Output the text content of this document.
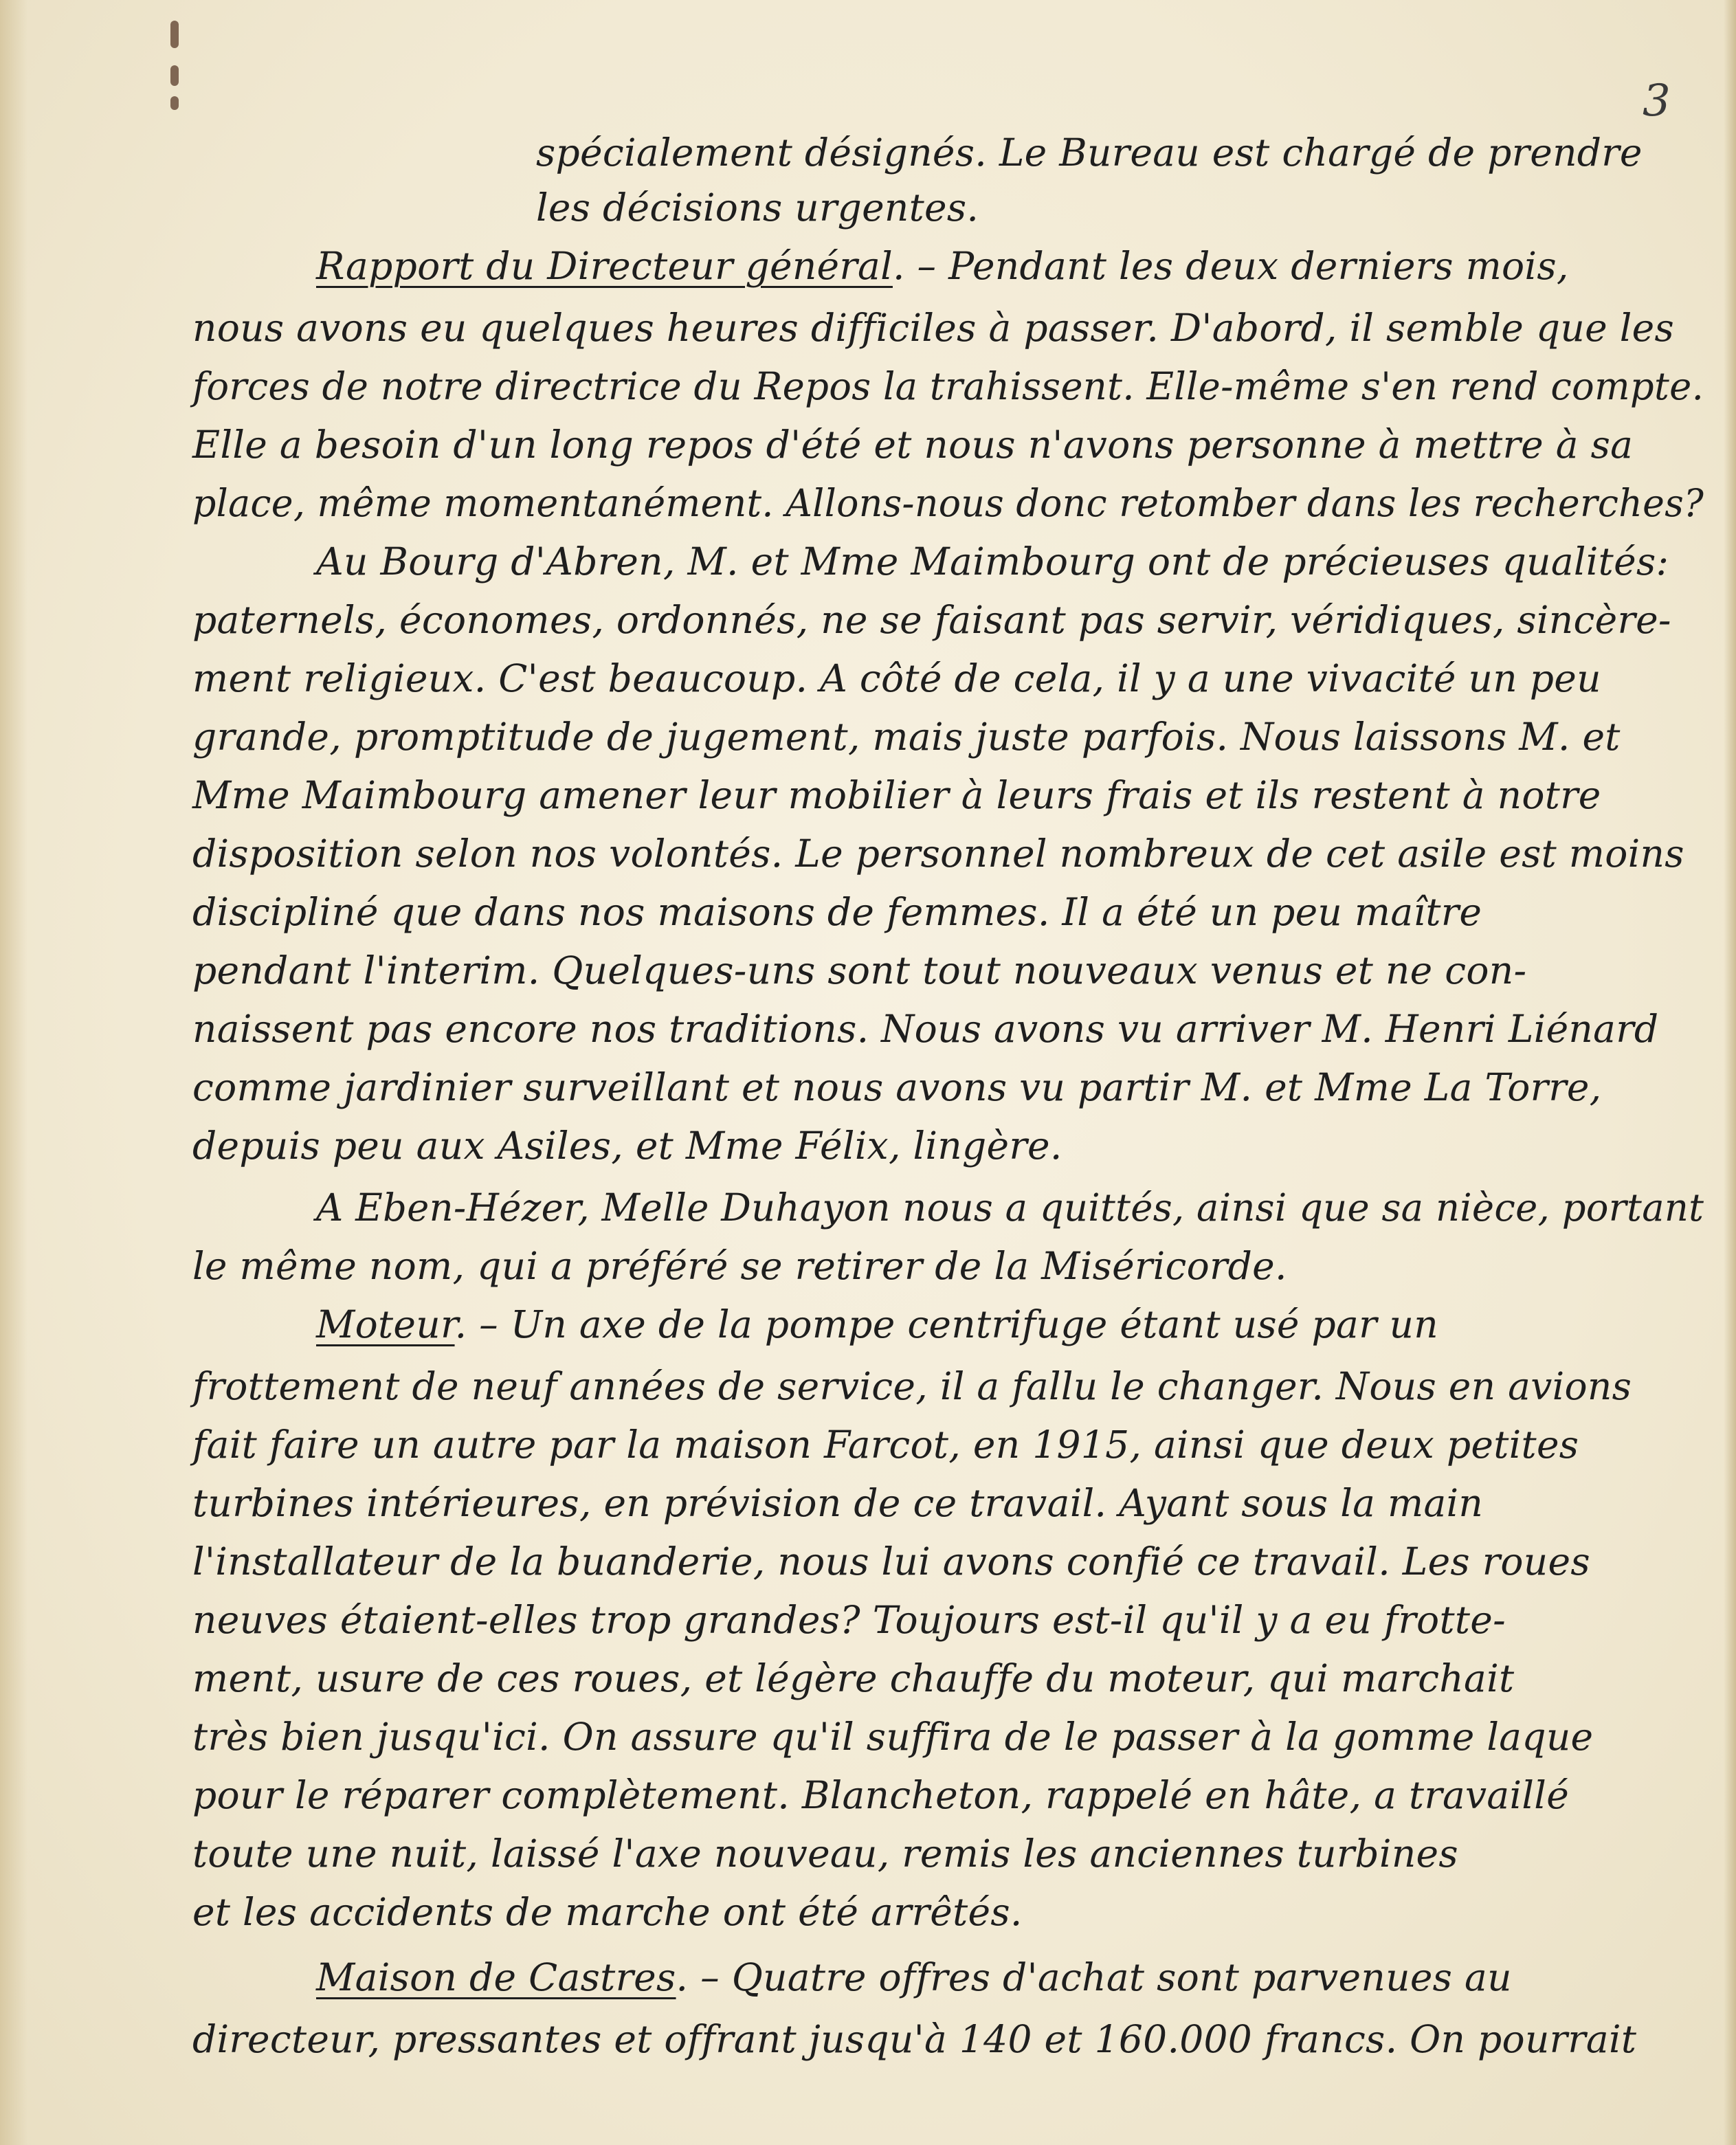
3

spécialement désignés. Le Bureau est chargé de prendre

les décisions urgentes.

Rapport du Directeur général. – Pendant les deux derniers mois,

nous avons eu quelques heures difficiles à passer. D'abord, il semble que les

forces de notre directrice du Repos la trahissent. Elle-même s'en rend compte.

Elle a besoin d'un long repos d'été et nous n'avons personne à mettre à sa

place, même momentanément. Allons-nous donc retomber dans les recherches?

Au Bourg d'Abren, M. et Mme Maimbourg ont de précieuses qualités:

paternels, économes, ordonnés, ne se faisant pas servir, véridiques, sincère-

ment religieux. C'est beaucoup. A côté de cela, il y a une vivacité un peu

grande, promptitude de jugement, mais juste parfois. Nous laissons M. et

Mme Maimbourg amener leur mobilier à leurs frais et ils restent à notre

disposition selon nos volontés. Le personnel nombreux de cet asile est moins

discipliné que dans nos maisons de femmes. Il a été un peu maître

pendant l'interim. Quelques-uns sont tout nouveaux venus et ne con-

naissent pas encore nos traditions. Nous avons vu arriver M. Henri Liénard

comme jardinier surveillant et nous avons vu partir M. et Mme La Torre,

depuis peu aux Asiles, et Mme Félix, lingère.

A Eben-Hézer, Melle Duhayon nous a quittés, ainsi que sa nièce, portant

le même nom, qui a préféré se retirer de la Miséricorde.

Moteur. – Un axe de la pompe centrifuge étant usé par un

frottement de neuf années de service, il a fallu le changer. Nous en avions

fait faire un autre par la maison Farcot, en 1915, ainsi que deux petites

turbines intérieures, en prévision de ce travail. Ayant sous la main

l'installateur de la buanderie, nous lui avons confié ce travail. Les roues

neuves étaient-elles trop grandes? Toujours est-il qu'il y a eu frotte-

ment, usure de ces roues, et légère chauffe du moteur, qui marchait

très bien jusqu'ici. On assure qu'il suffira de le passer à la gomme laque

pour le réparer complètement. Blancheton, rappelé en hâte, a travaillé

toute une nuit, laissé l'axe nouveau, remis les anciennes turbines

et les accidents de marche ont été arrêtés.

Maison de Castres. – Quatre offres d'achat sont parvenues au

directeur, pressantes et offrant jusqu'à 140 et 160.000 francs. On pourrait
